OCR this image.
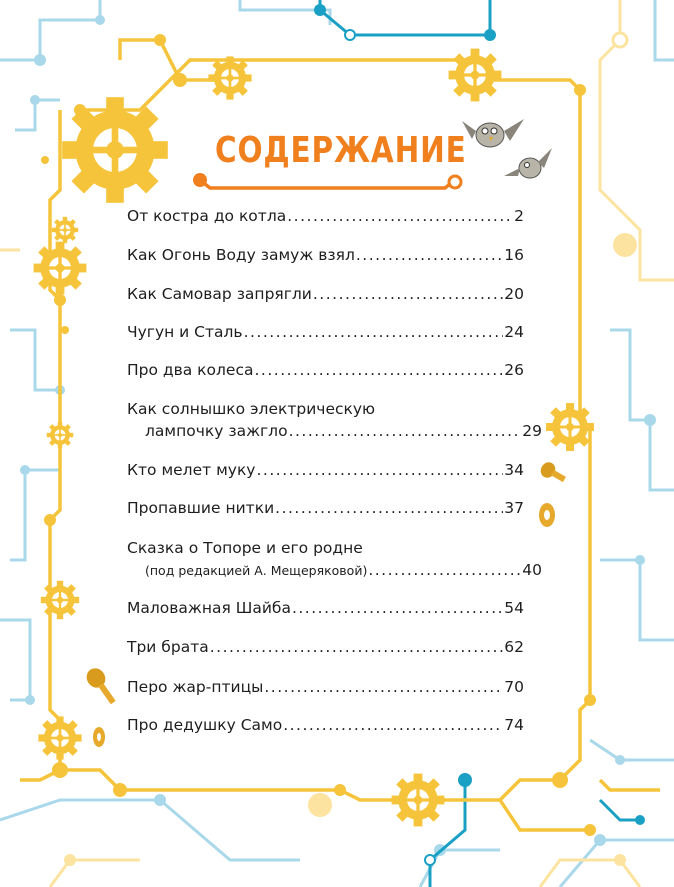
СОДЕРЖАНИЕ
От костра до котла .....	2
Как Огонь Воду замуж взял .....	16
Как Самовар запрягли .....	20
Чугун и Сталь .....	24
Про два колеса .....	26
Как солнышко электрическую
лампочку зажгло .....	29
Кто мелет муку .....	34
Пропавшие нитки .....	37
Сказка о Топоре и его родне
(под редакцией А. Мещеряковой) .....	40
Маловажная Шайба .....	54
Три брата .....	62
Перо жар-птицы .....	70
Про дедушку Само .....	74
